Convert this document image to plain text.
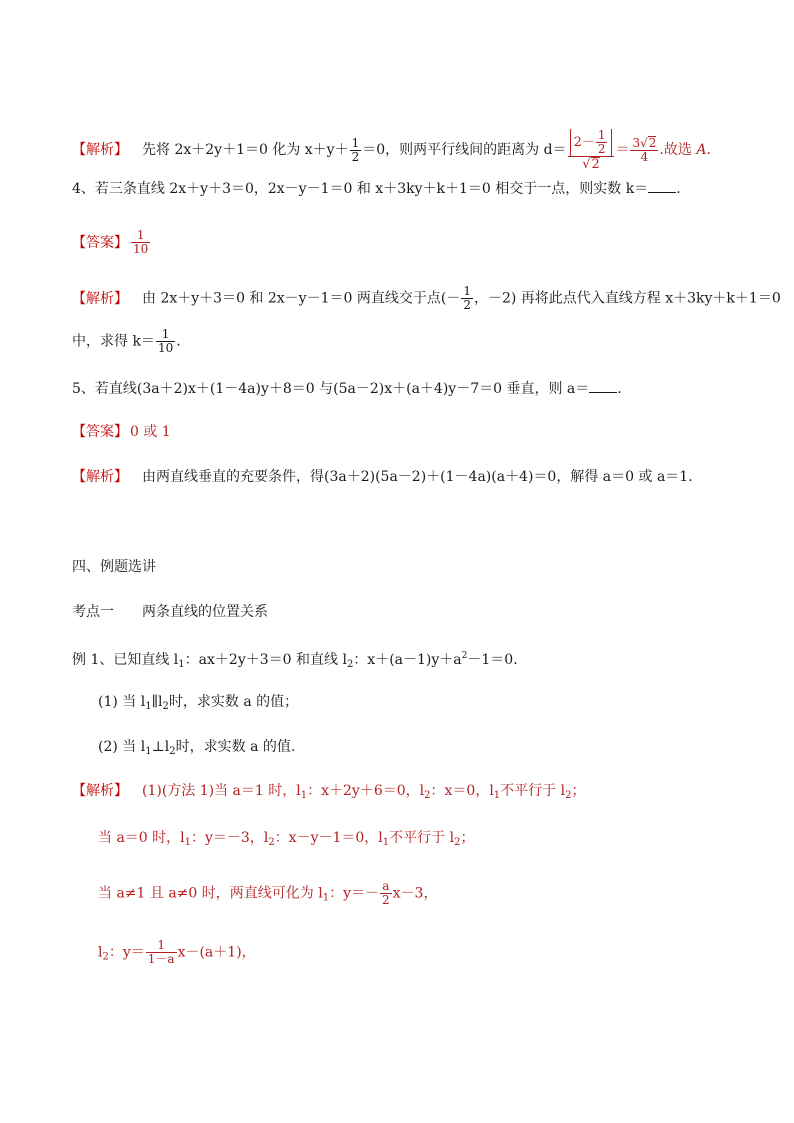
【 解析 】 先将 2x＋2y＋1＝0 化为 $x+y+ \frac{1}{2} =0$，则两平行线间的距离为 $d= \frac{2- \frac{1}{2}}{√2} = \frac{3√2}{4}$ .故选 A.
4、若三条直线 2x＋y＋3＝0，2x－y－1＝0 和 x＋3ky＋k＋1＝0 相交于一点，则实数 k＝ .
【 答案 】 $\frac{1}{10}$
【 解析 】 由 2x＋y＋3＝0 和 2x－y－1＝0 两直线交于点(－ $\frac{1}{2}$ ，－2) 再将此点代入直线方程 x＋3ky＋k＋1＝0
中，求得 $k= \frac{1}{10}$ .
5、若直线(3a＋2)x＋(1－4a)y＋8＝0 与(5a－2)x＋(a＋4)y－7＝0 垂直，则 a＝ .
【 答案 】 0 或 1
【 解析 】 由两直线垂直的充要条件，得(3a＋2)(5a－2)＋(1－4a)(a＋4)＝0，解得 a＝0 或 a＝1.
四、例题选讲
考点一　　两条直线的位置关系
例 1、已知直线 $l_1$：ax＋2y＋3＝0 和直线 $l_2$：$x+(a-1)y+a^2-1=0$.
(1) 当 $l_1\parallel l_2$时，求实数 a 的值；
(2) 当 $l_1\perp l_2$时，求实数 a 的值.
【 解析 】 (1)(方法 1)当 a＝1 时，$l_1$：x＋2y＋6＝0，$l_2$：x＝0，$l_1$不平行于 $l_2$；
当 a＝0 时，$l_1$：y＝－3，$l_2$：x－y－1＝0，$l_1$不平行于 $l_2$；
当 a≠1 且 a≠0 时，两直线可化为 $l_1$：$y=- \frac{a}{2} x-3$，
$l_2$：$y= \frac{1}{1-a} x-(a+1)$，
